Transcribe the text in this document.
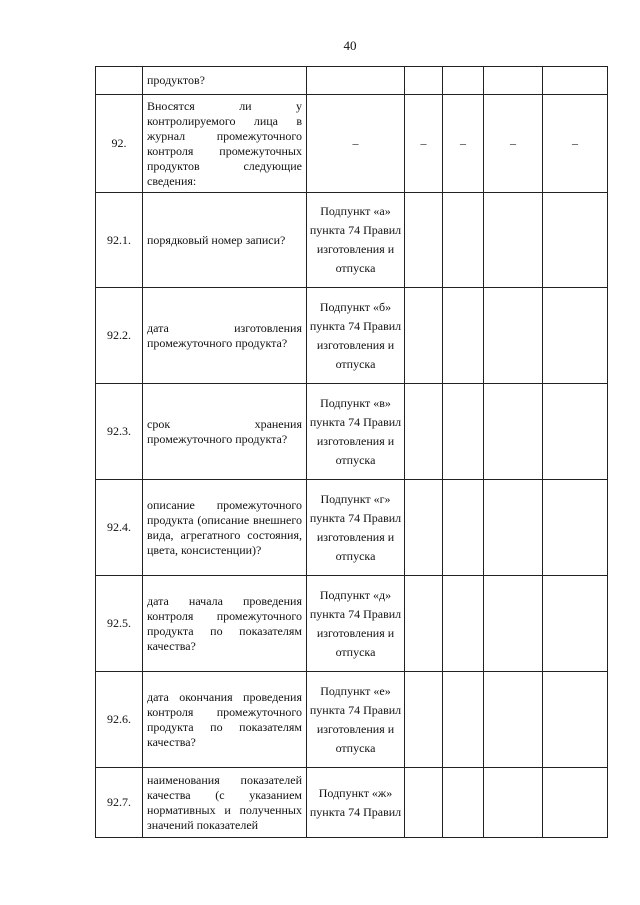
40
	продуктов?					
92.	Вносятся ли у контролируемого лица в журнал промежуточного контроля промежуточных продуктов следующие сведения:	–	–	–	–	–
92.1.	порядковый номер записи?	Подпункт «а» пункта 74 Правил изготовления и отпуска				

92.2.	дата изготовления промежуточного продукта?	Подпункт «б» пункта 74 Правил изготовления и отпуска				

92.3.	срок хранения промежуточного продукта?	Подпункт «в» пункта 74 Правил изготовления и отпуска				

92.4.	описание промежуточного продукта (описание внешнего вида, агрегатного состояния, цвета, консистенции)?	Подпункт «г» пункта 74 Правил изготовления и отпуска				

92.5.	дата начала проведения контроля промежуточного продукта по показателям качества?	Подпункт «д» пункта 74 Правил изготовления и отпуска				

92.6.	дата окончания проведения контроля промежуточного продукта по показателям качества?	Подпункт «е» пункта 74 Правил изготовления и отпуска				

92.7.	наименования показателей качества (с указанием нормативных и полученных значений показателей	Подпункт «ж» пункта 74 Правил				
